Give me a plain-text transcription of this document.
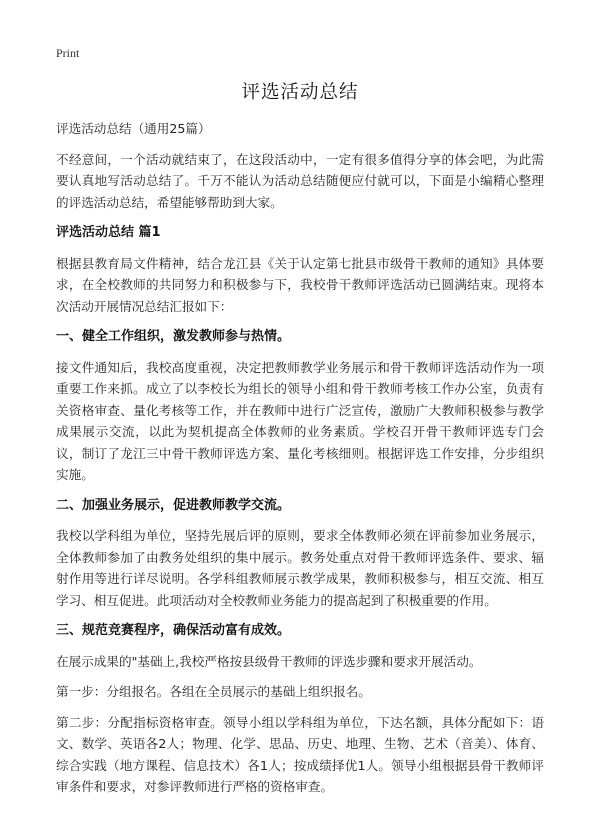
Print
评选活动总结

评选活动总结（通用25篇）

不经意间，一个活动就结束了，在这段活动中，一定有很多值得分享的体会吧，为此需要认真地写活动总结了。千万不能认为活动总结随便应付就可以，下面是小编精心整理的评选活动总结，希望能够帮助到大家。

评选活动总结 篇1

根据县教育局文件精神，结合龙江县《关于认定第七批县市级骨干教师的通知》具体要求，在全校教师的共同努力和积极参与下，我校骨干教师评选活动已圆满结束。现将本次活动开展情况总结汇报如下：

一、健全工作组织，激发教师参与热情。

接文件通知后，我校高度重视，决定把教师教学业务展示和骨干教师评选活动作为一项重要工作来抓。成立了以李校长为组长的领导小组和骨干教师考核工作办公室，负责有关资格审查、量化考核等工作，并在教师中进行广泛宣传，激励广大教师积极参与教学成果展示交流，以此为契机提高全体教师的业务素质。学校召开骨干教师评选专门会议，制订了龙江三中骨干教师评选方案、量化考核细则。根据评选工作安排，分步组织实施。

二、加强业务展示，促进教师教学交流。

我校以学科组为单位，坚持先展后评的原则，要求全体教师必须在评前参加业务展示，全体教师参加了由教务处组织的集中展示。教务处重点对骨干教师评选条件、要求、辐射作用等进行详尽说明。各学科组教师展示教学成果，教师积极参与，相互交流、相互学习、相互促进。此项活动对全校教师业务能力的提高起到了积极重要的作用。

三、规范竞赛程序，确保活动富有成效。

在展示成果的"基础上,我校严格按县级骨干教师的评选步骤和要求开展活动。

第一步：分组报名。各组在全员展示的基础上组织报名。

第二步：分配指标资格审查。领导小组以学科组为单位，下达名额，具体分配如下：语文、数学、英语各2人；物理、化学、思品、历史、地理、生物、艺术（音美）、体育、综合实践（地方课程、信息技术）各1人；按成绩择优1人。领导小组根据县骨干教师评审条件和要求，对参评教师进行严格的资格审查。
